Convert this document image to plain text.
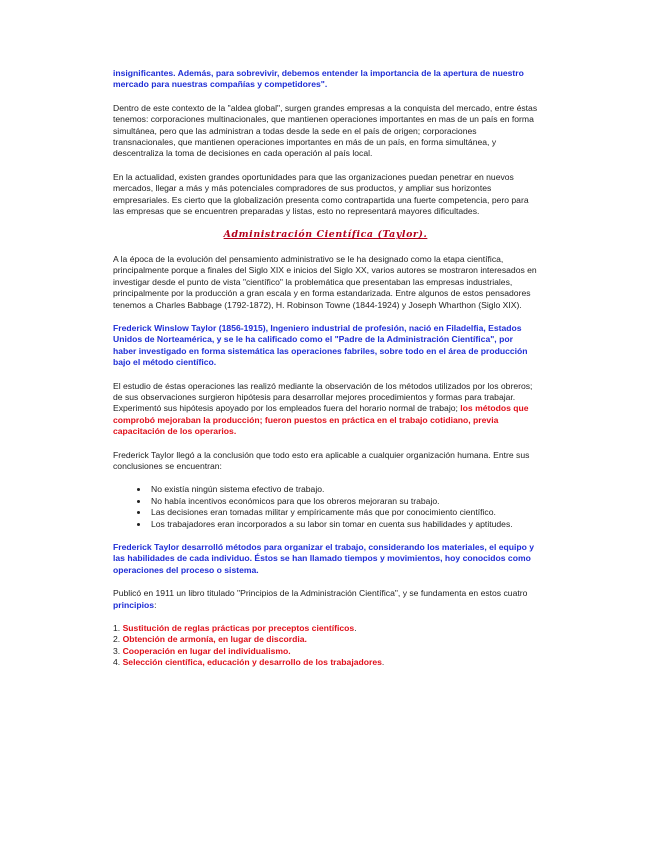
insignificantes. Además, para sobrevivir, debemos entender la importancia de la apertura de nuestro mercado para nuestras compañías y competidores".

Dentro de este contexto de la "aldea global", surgen grandes empresas a la conquista del mercado, entre éstas tenemos: corporaciones multinacionales, que mantienen operaciones importantes en mas de un país en forma simultánea, pero que las administran a todas desde la sede en el país de origen; corporaciones transnacionales, que mantienen operaciones importantes en más de un país, en forma simultánea, y descentraliza la toma de decisiones en cada operación al país local.

En la actualidad, existen grandes oportunidades para que las organizaciones puedan penetrar en nuevos mercados, llegar a más y más potenciales compradores de sus productos, y ampliar sus horizontes empresariales. Es cierto que la globalización presenta como contrapartida una fuerte competencia, pero para las empresas que se encuentren preparadas y listas, esto no representará mayores dificultades.

Administración Científica (Taylor).

A la época de la evolución del pensamiento administrativo se le ha designado como la etapa científica, principalmente porque a finales del Siglo XIX e inicios del Siglo XX, varios autores se mostraron interesados en investigar desde el punto de vista "científico" la problemática que presentaban las empresas industriales, principalmente por la producción a gran escala y en forma estandarizada. Entre algunos de estos pensadores tenemos a Charles Babbage (1792-1872), H. Robinson Towne (1844-1924) y Joseph Wharthon (Siglo XIX).

Frederick Winslow Taylor (1856-1915), Ingeniero industrial de profesión, nació en Filadelfia, Estados Unidos de Norteamérica, y se le ha calificado como el "Padre de la Administración Científica", por haber investigado en forma sistemática las operaciones fabriles, sobre todo en el área de producción bajo el método científico.

El estudio de éstas operaciones las realizó mediante la observación de los métodos utilizados por los obreros; de sus observaciones surgieron hipótesis para desarrollar mejores procedimientos y formas para trabajar. Experimentó sus hipótesis apoyado por los empleados fuera del horario normal de trabajo; los métodos que comprobó mejoraban la producción; fueron puestos en práctica en el trabajo cotidiano, previa capacitación de los operarios.

Frederick Taylor llegó a la conclusión que todo esto era aplicable a cualquier organización humana. Entre sus conclusiones se encuentran:

• No existía ningún sistema efectivo de trabajo.
• No había incentivos económicos para que los obreros mejoraran su trabajo.
• Las decisiones eran tomadas militar y empíricamente más que por conocimiento científico.
• Los trabajadores eran incorporados a su labor sin tomar en cuenta sus habilidades y aptitudes.

Frederick Taylor desarrolló métodos para organizar el trabajo, considerando los materiales, el equipo y las habilidades de cada individuo. Éstos se han llamado tiempos y movimientos, hoy conocidos como operaciones del proceso o sistema.

Publicó en 1911 un libro titulado "Principios de la Administración Científica", y se fundamenta en estos cuatro principios:

1. Sustitución de reglas prácticas por preceptos científicos.
2. Obtención de armonía, en lugar de discordia.
3. Cooperación en lugar del individualismo.
4. Selección científica, educación y desarrollo de los trabajadores.
